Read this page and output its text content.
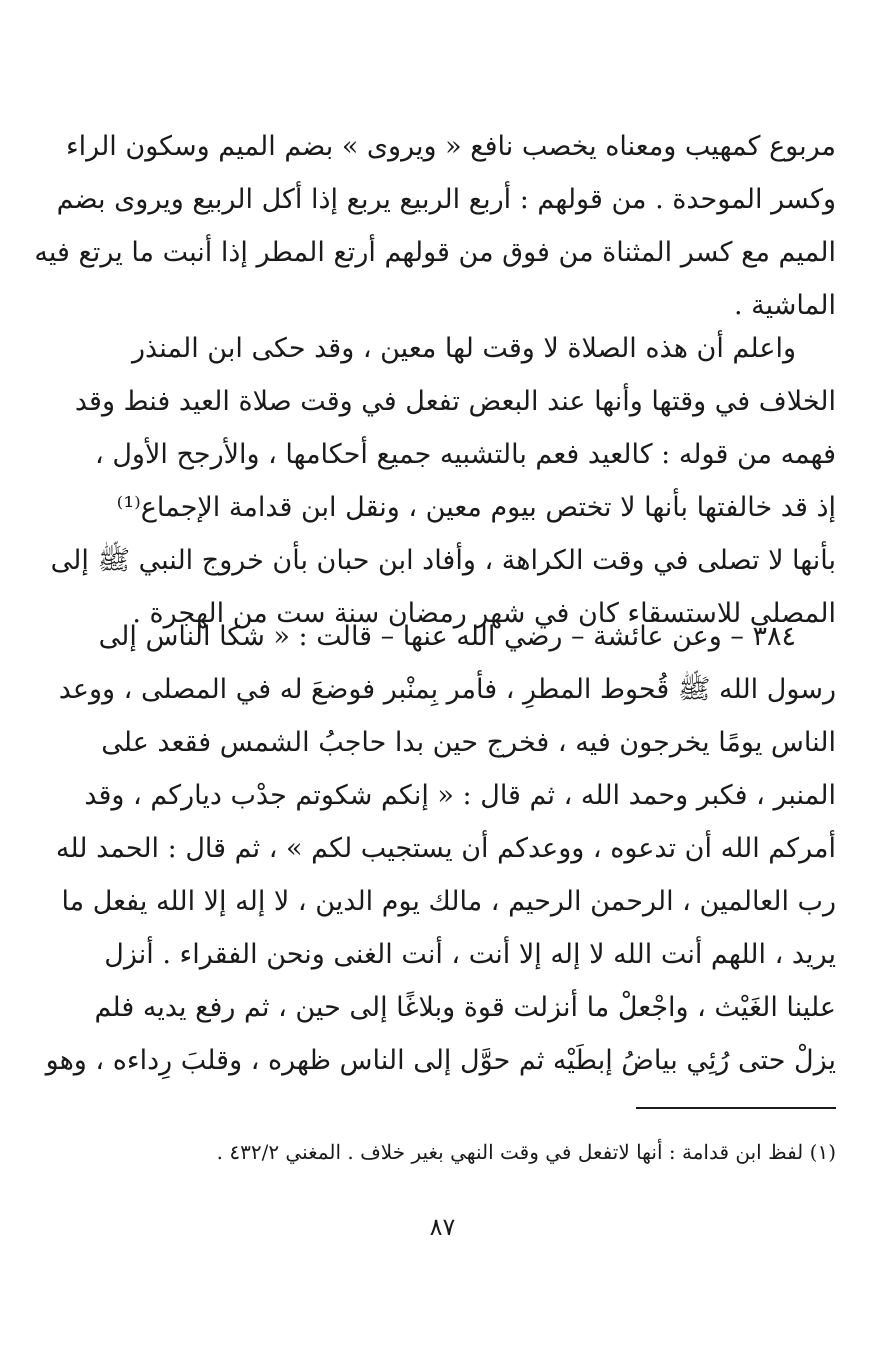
مربوع كمهيب ومعناه يخصب نافع « ويروى » بضم الميم وسكون الراء
وكسر الموحدة . من قولهم : أربع الربيع يربع إذا أكل الربيع ويروى بضم
الميم مع كسر المثناة من فوق من قولهم أرتع المطر إذا أنبت ما يرتع فيه
الماشية .
واعلم أن هذه الصلاة لا وقت لها معين ، وقد حكى ابن المنذر
الخلاف في وقتها وأنها عند البعض تفعل في وقت صلاة العيد فنط وقد
فهمه من قوله : كالعيد فعم بالتشبيه جميع أحكامها ، والأرجح الأول ،
إذ قد خالفتها بأنها لا تختص بيوم معين ، ونقل ابن قدامة الإجماع⁽¹⁾
بأنها لا تصلى في وقت الكراهة ، وأفاد ابن حبان بأن خروج النبي ﷺ إلى
المصلى للاستسقاء كان في شهر رمضان سنة ست من الهجرة .
٣٨٤ – وعن عائشة – رضي الله عنها – قالت : « شكا الناس إلى
رسول الله ﷺ قُحوط المطرِ ، فأمر بِمنْبر فوضعَ له في المصلى ، ووعد
الناس يومًا يخرجون فيه ، فخرج حين بدا حاجبُ الشمس فقعد على
المنبر ، فكبر وحمد الله ، ثم قال : « إنكم شكوتم جدْب دياركم ، وقد
أمركم الله أن تدعوه ، ووعدكم أن يستجيب لكم » ، ثم قال : الحمد لله
رب العالمين ، الرحمن الرحيم ، مالك يوم الدين ، لا إله إلا الله يفعل ما
يريد ، اللهم أنت الله لا إله إلا أنت ، أنت الغنى ونحن الفقراء . أنزل
علينا الغَيْث ، واجْعلْ ما أنزلت قوة وبلاغًا إلى حين ، ثم رفع يديه فلم
يزلْ حتى رُئِي بياضُ إبطَيْه ثم حوَّل إلى الناس ظهره ، وقلبَ رِداءه ، وهو
(١) لفظ ابن قدامة : أنها لاتفعل في وقت النهي بغير خلاف . المغني ٤٣٢/٢ .
٨٧
